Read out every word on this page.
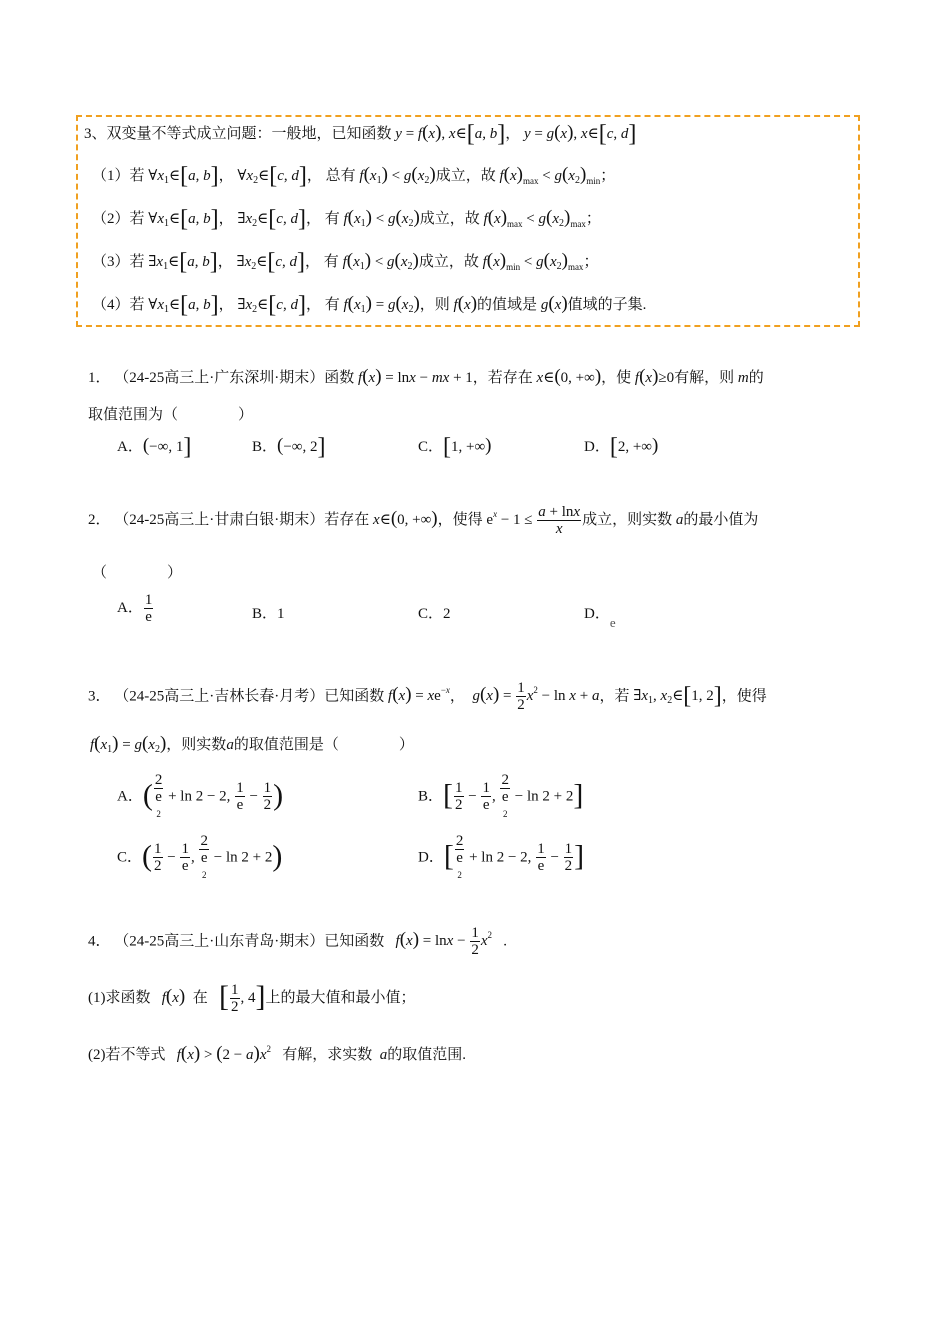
3、双变量不等式成立问题：一般地，已知函数 y = f(x), x∈[a, b]， y = g(x), x∈[c, d]
（1）若 $\forall x_1\in[a$, b]， $\forall x_2\in[c$, d]， 总有 $f(x_1) < g(x_2)$成立，故 $f(x)_{max} < g(x_2)_{min}$；
（2）若 $\forall x_1\in[a$, b]， $\exists x_2\in[c$, d]， 有 $f(x_1) < g(x_2)$成立，故 $f(x)_{max} < g(x_2)_{max}$；
（3）若 $\exists x_1\in[a$, b]， $\exists x_2\in[c$, d]， 有 $f(x_1) < g(x_2)$成立，故 $f(x)_{min} < g(x_2)_{max}$；
（4）若 $\forall x_1\in[a$, b]， $\exists x_2\in[c$, d]， 有 $f(x_1) = g(x_2)$，则 f(x)的值域是 g(x)值域的子集.
1． （24-25高三上·广东深圳·期末）函数 f(x) = lnx − mx + 1，若存在 x∈(0, +∞)，使 f(x)≥0有解，则 m的
取值范围为（　　　　）
A．(−∞, 1]	B．(−∞, 2]	C．[1, +∞)	D．[2, +∞)
2． （24-25高三上·甘肃白银·期末）若存在 x∈(0, +∞)，使得 $e^x - 1 \le \frac{a + \ln x}{x}$ 成立，则实数 a的最小值为
（　　　　）
A． $\frac{1}{e}$	B．1	C．2	D．e
3． （24-25高三上·吉林长春·月考）已知函数 $f(x) = xe^{-x}$，  g(x) =
1
$2x^2 - \ln x + a$，若 $\exists x_1$, $x_2\in[1$, 2]，使得
$f(x_1) = g(x_2)$，则实数a的取值范围是（　　　　）
A．( 2
e
2
+ ln 2 − 2,
1
e −
1
2)	B．[ 1
2 −
1
e,
2
e
2
− ln 2 + 2]
C．( 1
2 −
1
e,
2
e
2
− ln 2 + 2)	D．[ 2
e
2
+ ln 2 − 2,
1
e −
1
2]
4． （24-25高三上·山东青岛·期末）已知函数 f(x) = lnx −
1
$2x^2$   .
(1)求函数 f(x) 在 [ 1
2, 4]上的最大值和最小值；
(2)若不等式 $f(x) > (2 - a)x^2$ 有解，求实数 a的取值范围.
